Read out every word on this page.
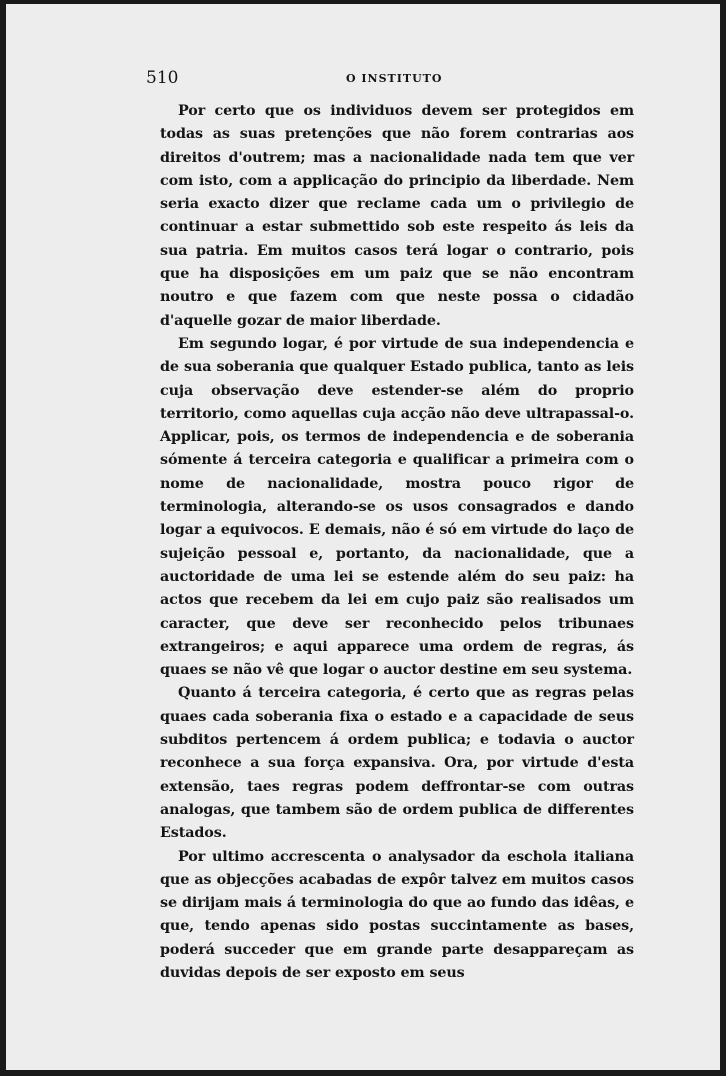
510	O INSTITUTO

Por certo que os individuos devem ser protegidos em todas as suas pretenções que não forem contrarias aos direitos d'outrem; mas a nacionalidade nada tem que ver com isto, com a applicação do principio da liberdade. Nem seria exacto dizer que reclame cada um o privilegio de continuar a estar submettido sob este respeito ás leis da sua patria. Em muitos casos terá logar o contrario, pois que ha disposições em um paiz que se não encontram noutro e que fazem com que neste possa o cidadão d'aquelle gozar de maior liberdade.

Em segundo logar, é por virtude de sua independencia e de sua soberania que qualquer Estado publica, tanto as leis cuja observação deve estender-se além do proprio territorio, como aquellas cuja acção não deve ultrapassal-o. Applicar, pois, os termos de independencia e de soberania sómente á terceira categoria e qualificar a primeira com o nome de nacionalidade, mostra pouco rigor de terminologia, alterando-se os usos consagrados e dando logar a equivocos. E demais, não é só em virtude do laço de sujeição pessoal e, portanto, da nacionalidade, que a auctoridade de uma lei se estende além do seu paiz: ha actos que recebem da lei em cujo paiz são realisados um caracter, que deve ser reconhecido pelos tribunaes extrangeiros; e aqui apparece uma ordem de regras, ás quaes se não vê que logar o auctor destine em seu systema.

Quanto á terceira categoria, é certo que as regras pelas quaes cada soberania fixa o estado e a capacidade de seus subditos pertencem á ordem publica; e todavia o auctor reconhece a sua força expansiva. Ora, por virtude d'esta extensão, taes regras podem deffrontar-se com outras analogas, que tambem são de ordem publica de differentes Estados.

Por ultimo accrescenta o analysador da eschola italiana que as objecções acabadas de expôr talvez em muitos casos se dirijam mais á terminologia do que ao fundo das idêas, e que, tendo apenas sido postas succintamente as bases, poderá succeder que em grande parte desappareçam as duvidas depois de ser exposto em seus
